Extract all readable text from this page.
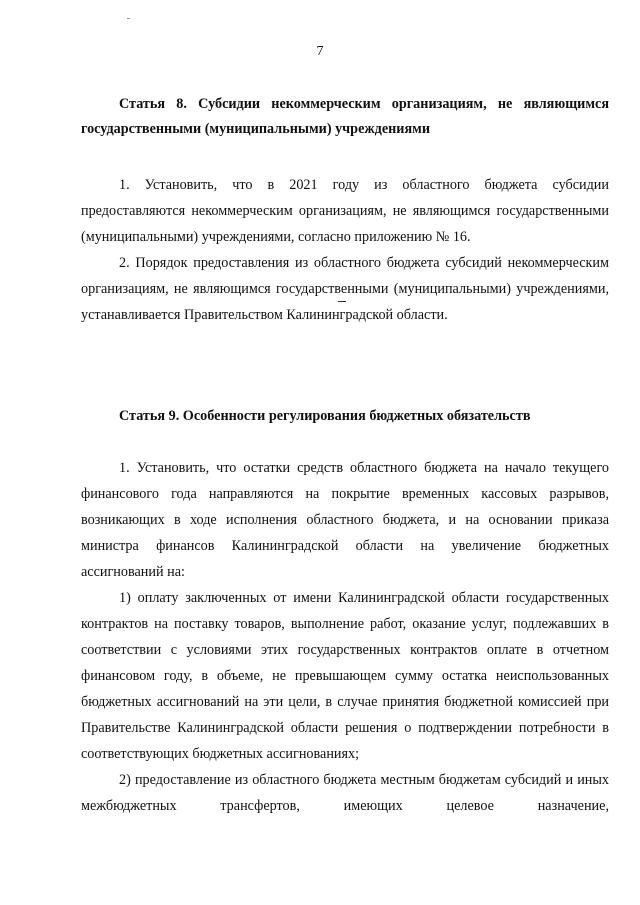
7
Статья 8. Субсидии некоммерческим организациям, не являющимся государственными (муниципальными) учреждениями

1. Установить, что в 2021 году из областного бюджета субсидии предоставляются некоммерческим организациям, не являющимся государственными (муниципальными) учреждениями, согласно приложению № 16.

2. Порядок предоставления из областного бюджета субсидий некоммерческим организациям, не являющимся государственными (муниципальными) учреждениями, устанавливается Правительством Калининградской области.

Статья 9. Особенности регулирования бюджетных обязательств

1. Установить, что остатки средств областного бюджета на начало текущего финансового года направляются на покрытие временных кассовых разрывов, возникающих в ходе исполнения областного бюджета, и на основании приказа министра финансов Калининградской области на увеличение бюджетных ассигнований на:

1) оплату заключенных от имени Калининградской области государственных контрактов на поставку товаров, выполнение работ, оказание услуг, подлежавших в соответствии с условиями этих государственных контрактов оплате в отчетном финансовом году, в объеме, не превышающем сумму остатка неиспользованных бюджетных ассигнований на эти цели, в случае принятия бюджетной комиссией при Правительстве Калининградской области решения о подтверждении потребности в соответствующих бюджетных ассигнованиях;

2) предоставление из областного бюджета местным бюджетам субсидий и иных межбюджетных трансфертов, имеющих целевое назначение,
